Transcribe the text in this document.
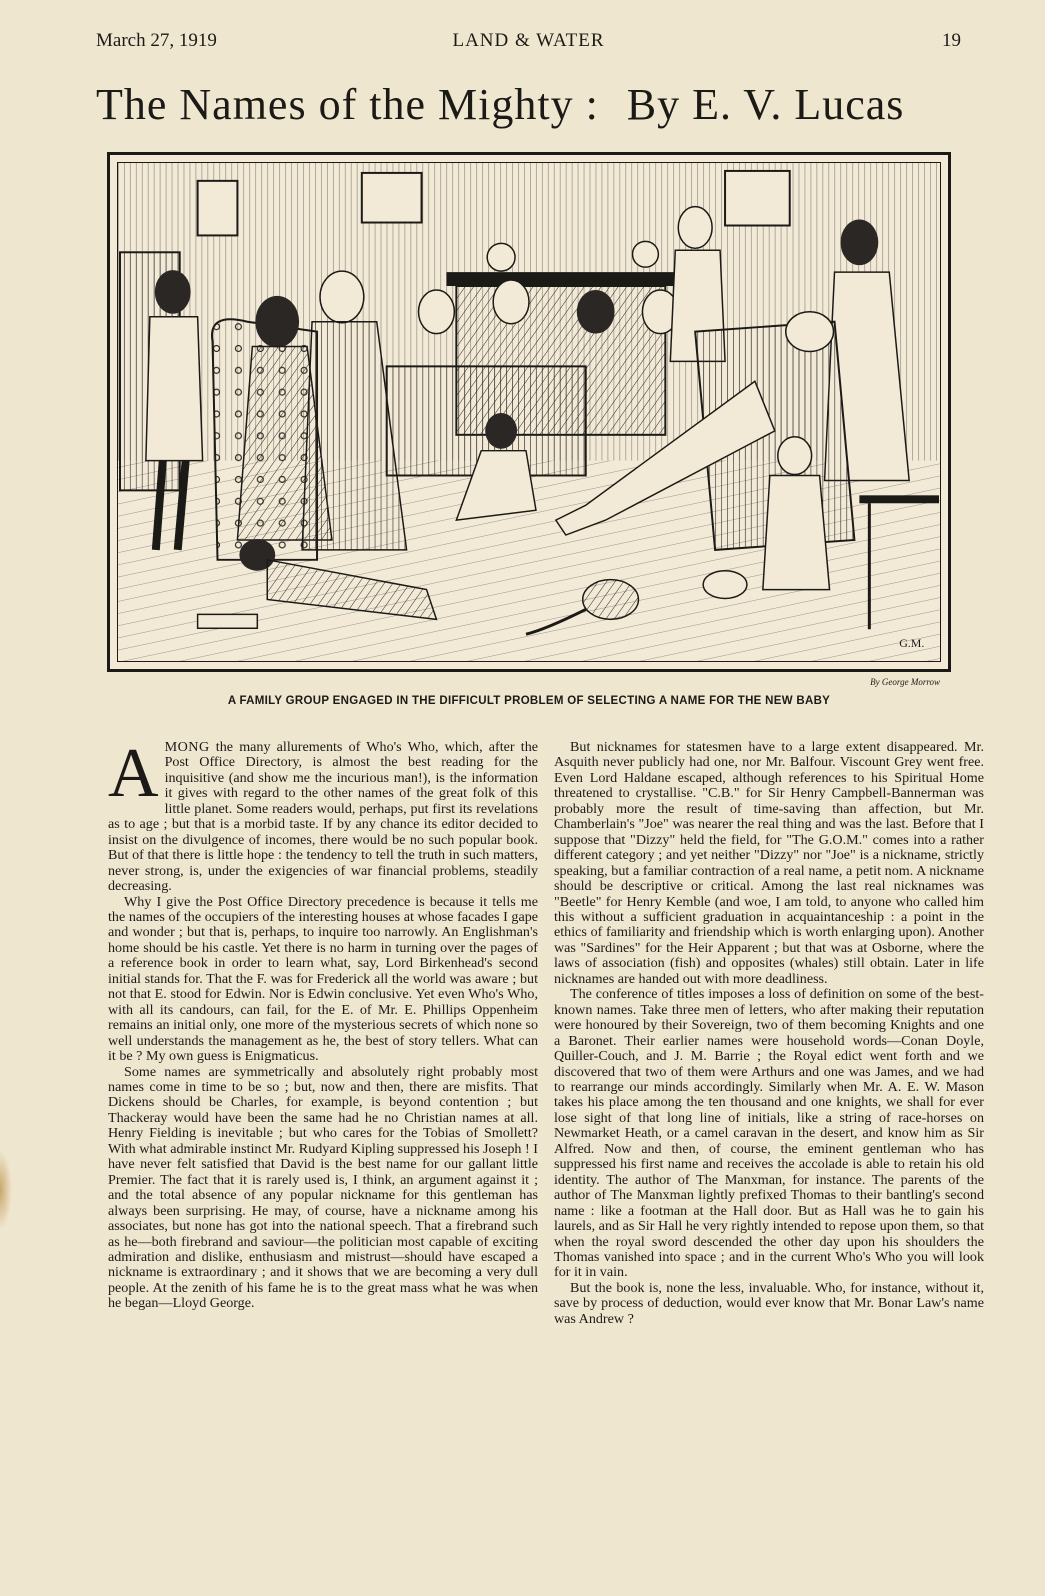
March 27, 1919	LAND & WATER	19
The Names of the Mighty : By E. V. Lucas
G.M.
By George Morrow
A FAMILY GROUP ENGAGED IN THE DIFFICULT PROBLEM OF SELECTING A NAME FOR THE NEW BABY

AMONG the many allurements of Who's Who, which, after the Post Office Directory, is almost the best reading for the inquisitive (and show me the incurious man!), is the information it gives with regard to the other names of the great folk of this little planet. Some readers would, perhaps, put first its revelations as to age ; but that is a morbid taste. If by any chance its editor decided to insist on the divulgence of incomes, there would be no such popular book. But of that there is little hope : the tendency to tell the truth in such matters, never strong, is, under the exigencies of war financial problems, steadily decreasing.

Why I give the Post Office Directory precedence is because it tells me the names of the occupiers of the interesting houses at whose facades I gape and wonder ; but that is, perhaps, to inquire too narrowly. An Englishman's home should be his castle. Yet there is no harm in turning over the pages of a reference book in order to learn what, say, Lord Birkenhead's second initial stands for. That the F. was for Frederick all the world was aware ; but not that E. stood for Edwin. Nor is Edwin conclusive. Yet even Who's Who, with all its candours, can fail, for the E. of Mr. E. Phillips Oppenheim remains an initial only, one more of the mysterious secrets of which none so well understands the management as he, the best of story tellers. What can it be ? My own guess is Enigmaticus.

Some names are symmetrically and absolutely right probably most names come in time to be so ; but, now and then, there are misfits. That Dickens should be Charles, for example, is beyond contention ; but Thackeray would have been the same had he no Christian names at all. Henry Fielding is inevitable ; but who cares for the Tobias of Smollett? With what admirable instinct Mr. Rudyard Kipling suppressed his Joseph ! I have never felt satisfied that David is the best name for our gallant little Premier. The fact that it is rarely used is, I think, an argument against it ; and the total absence of any popular nickname for this gentleman has always been surprising. He may, of course, have a nickname among his associates, but none has got into the national speech. That a firebrand such as he—both firebrand and saviour—the politician most capable of exciting admiration and dislike, enthusiasm and mistrust—should have escaped a nickname is extraordinary ; and it shows that we are becoming a very dull people. At the zenith of his fame he is to the great mass what he was when he began—Lloyd George.

But nicknames for statesmen have to a large extent disappeared. Mr. Asquith never publicly had one, nor Mr. Balfour. Viscount Grey went free. Even Lord Haldane escaped, although references to his Spiritual Home threatened to crystallise. "C.B." for Sir Henry Campbell-Bannerman was probably more the result of time-saving than affection, but Mr. Chamberlain's "Joe" was nearer the real thing and was the last. Before that I suppose that "Dizzy" held the field, for "The G.O.M." comes into a rather different category ; and yet neither "Dizzy" nor "Joe" is a nickname, strictly speaking, but a familiar contraction of a real name, a petit nom. A nickname should be descriptive or critical. Among the last real nicknames was "Beetle" for Henry Kemble (and woe, I am told, to anyone who called him this without a sufficient graduation in acquaintanceship : a point in the ethics of familiarity and friendship which is worth enlarging upon). Another was "Sardines" for the Heir Apparent ; but that was at Osborne, where the laws of association (fish) and opposites (whales) still obtain. Later in life nicknames are handed out with more deadliness.

The conference of titles imposes a loss of definition on some of the best-known names. Take three men of letters, who after making their reputation were honoured by their Sovereign, two of them becoming Knights and one a Baronet. Their earlier names were household words—Conan Doyle, Quiller-Couch, and J. M. Barrie ; the Royal edict went forth and we discovered that two of them were Arthurs and one was James, and we had to rearrange our minds accordingly. Similarly when Mr. A. E. W. Mason takes his place among the ten thousand and one knights, we shall for ever lose sight of that long line of initials, like a string of race-horses on Newmarket Heath, or a camel caravan in the desert, and know him as Sir Alfred. Now and then, of course, the eminent gentleman who has suppressed his first name and receives the accolade is able to retain his old identity. The author of The Manxman, for instance. The parents of the author of The Manxman lightly prefixed Thomas to their bantling's second name : like a footman at the Hall door. But as Hall was he to gain his laurels, and as Sir Hall he very rightly intended to repose upon them, so that when the royal sword descended the other day upon his shoulders the Thomas vanished into space ; and in the current Who's Who you will look for it in vain.

But the book is, none the less, invaluable. Who, for instance, without it, save by process of deduction, would ever know that Mr. Bonar Law's name was Andrew ?
